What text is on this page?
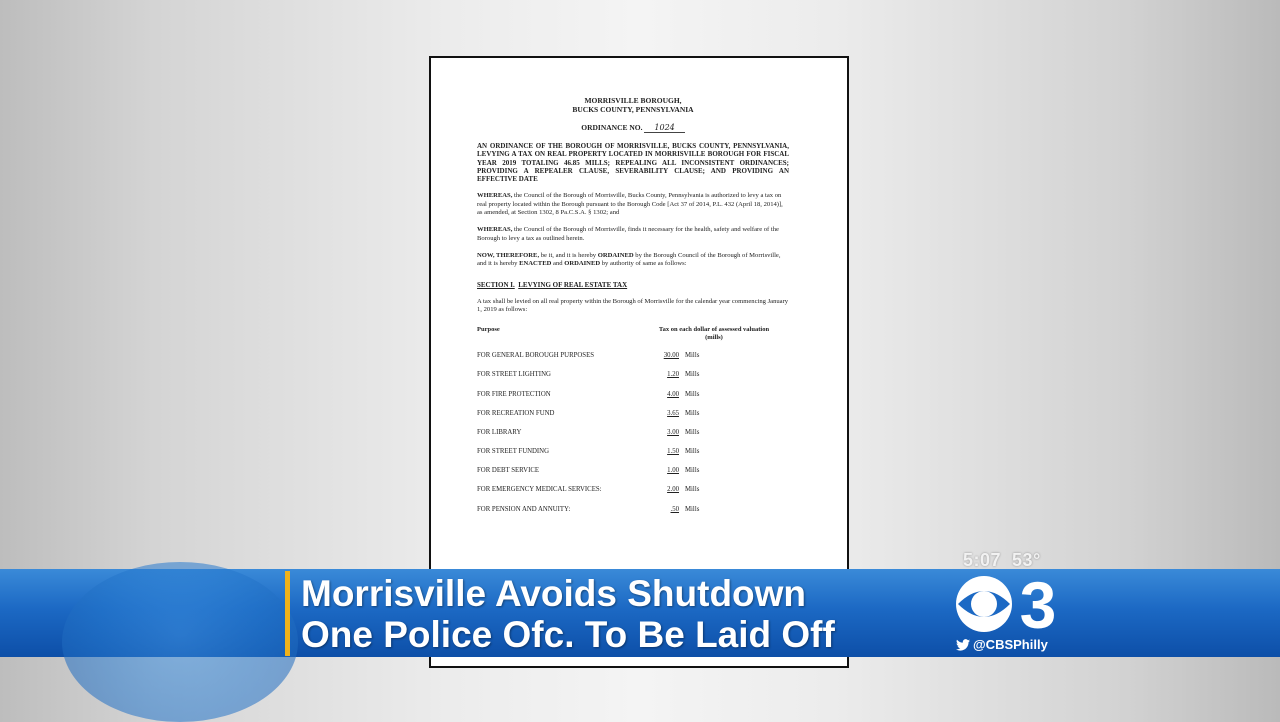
MORRISVILLE BOROUGH,
BUCKS COUNTY, PENNSYLVANIA
ORDINANCE NO. 1024
AN ORDINANCE OF THE BOROUGH OF MORRISVILLE, BUCKS COUNTY, PENNSYLVANIA, LEVYING A TAX ON REAL PROPERTY LOCATED IN MORRISVILLE BOROUGH FOR FISCAL YEAR 2019 TOTALING 46.85 MILLS; REPEALING ALL INCONSISTENT ORDINANCES; PROVIDING A REPEALER CLAUSE, SEVERABILITY CLAUSE; AND PROVIDING AN EFFECTIVE DATE
WHEREAS, the Council of the Borough of Morrisville, Bucks County, Pennsylvania is authorized to levy a tax on real property located within the Borough pursuant to the Borough Code [Act 37 of 2014, P.L. 432 (April 18, 2014)], as amended, at Section 1302, 8 Pa.C.S.A. § 1302; and
WHEREAS, the Council of the Borough of Morrisville, finds it necessary for the health, safety and welfare of the Borough to levy a tax as outlined herein.
NOW, THEREFORE, be it, and it is hereby ORDAINED by the Borough Council of the Borough of Morrisville, and it is hereby ENACTED and ORDAINED by authority of same as follows:
SECTION I. LEVYING OF REAL ESTATE TAX
A tax shall be levied on all real property within the Borough of Morrisville for the calendar year commencing January 1, 2019 as follows:
Purpose	Tax on each dollar of assessed valuation
(mills)
FOR GENERAL BOROUGH PURPOSES	30.00 Mills
FOR STREET LIGHTING	1.20 Mills
FOR FIRE PROTECTION	4.00 Mills
FOR RECREATION FUND	3.65 Mills
FOR LIBRARY	3.00 Mills
FOR STREET FUNDING	1.50 Mills
FOR DEBT SERVICE	1.00 Mills
FOR EMERGENCY MEDICAL SERVICES:	2.00 Mills
FOR PENSION AND ANNUITY:	.50 Mills
Morrisville Avoids Shutdown
One Police Ofc. To Be Laid Off
5:07 53°
3
@CBSPhilly
